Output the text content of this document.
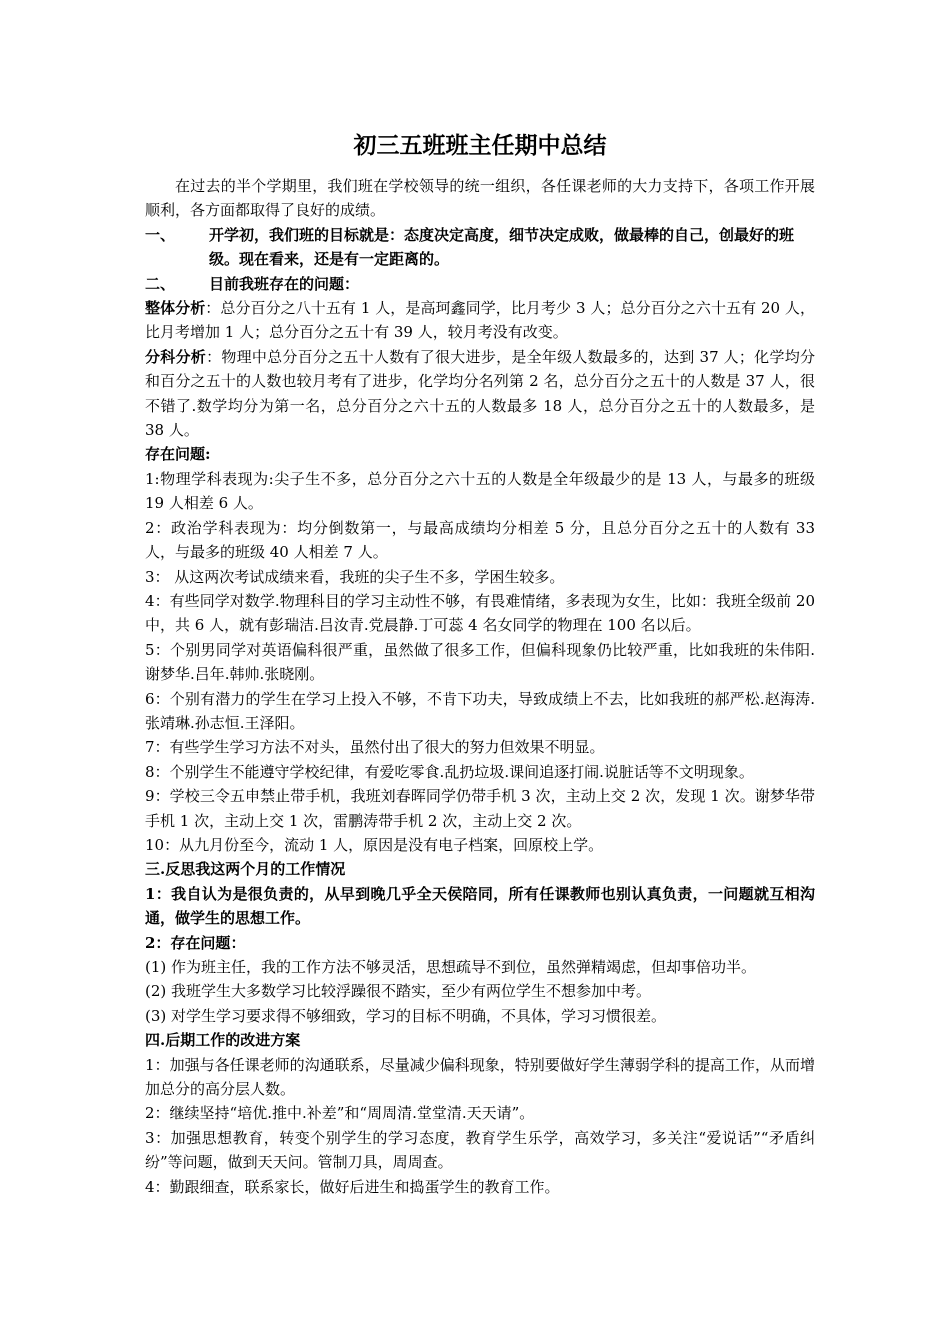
初三五班班主任期中总结

在过去的半个学期里，我们班在学校领导的统一组织，各任课老师的大力支持下，各项工作开展顺利，各方面都取得了良好的成绩。

一、	开学初，我们班的目标就是：态度决定高度，细节决定成败，做最棒的自己，创最好的班级。现在看来，还是有一定距离的。
二、	目前我班存在的问题：

整体分析：总分百分之八十五有 1 人，是高珂鑫同学，比月考少 3 人；总分百分之六十五有 20 人，比月考增加 1 人；总分百分之五十有 39 人，较月考没有改变。

分科分析：物理中总分百分之五十人数有了很大进步，是全年级人数最多的，达到 37 人；化学均分和百分之五十的人数也较月考有了进步，化学均分名列第 2 名，总分百分之五十的人数是 37 人，很不错了.数学均分为第一名，总分百分之六十五的人数最多 18 人，总分百分之五十的人数最多，是 38 人。

存在问题:

1:物理学科表现为:尖子生不多，总分百分之六十五的人数是全年级最少的是 13 人，与最多的班级 19 人相差 6 人。

2：政治学科表现为：均分倒数第一，与最高成绩均分相差 5 分，且总分百分之五十的人数有 33 人，与最多的班级 40 人相差 7 人。

3： 从这两次考试成绩来看，我班的尖子生不多，学困生较多。

4：有些同学对数学.物理科目的学习主动性不够，有畏难情绪，多表现为女生，比如：我班全级前 20 中，共 6 人，就有彭瑞洁.吕汝青.党晨静.丁可蕊 4 名女同学的物理在 100 名以后。

5：个别男同学对英语偏科很严重，虽然做了很多工作，但偏科现象仍比较严重，比如我班的朱伟阳.谢梦华.吕年.韩帅.张晓刚。

6：个别有潜力的学生在学习上投入不够，不肯下功夫，导致成绩上不去，比如我班的郝严松.赵海涛.张靖琳.孙志恒.王泽阳。

7：有些学生学习方法不对头，虽然付出了很大的努力但效果不明显。

8：个别学生不能遵守学校纪律，有爱吃零食.乱扔垃圾.课间追逐打闹.说脏话等不文明现象。

9：学校三令五申禁止带手机，我班刘春晖同学仍带手机 3 次，主动上交 2 次，发现 1 次。谢梦华带手机 1 次，主动上交 1 次，雷鹏涛带手机 2 次，主动上交 2 次。

10：从九月份至今，流动 1 人，原因是没有电子档案，回原校上学。

三.反思我这两个月的工作情况

1：我自认为是很负责的，从早到晚几乎全天侯陪同，所有任课教师也别认真负责，一问题就互相沟通，做学生的思想工作。

2：存在问题：

(1) 作为班主任，我的工作方法不够灵活，思想疏导不到位，虽然弹精竭虑，但却事倍功半。

(2) 我班学生大多数学习比较浮躁很不踏实，至少有两位学生不想参加中考。

(3) 对学生学习要求得不够细致，学习的目标不明确，不具体，学习习惯很差。

四.后期工作的改进方案

1：加强与各任课老师的沟通联系，尽量减少偏科现象，特别要做好学生薄弱学科的提高工作，从而增加总分的高分层人数。

2：继续坚持“培优.推中.补差”和“周周清.堂堂清.天天请”。

3：加强思想教育，转变个别学生的学习态度，教育学生乐学，高效学习，多关注“爱说话”“矛盾纠纷”等问题，做到天天问。管制刀具，周周查。

4：勤跟细查，联系家长，做好后进生和捣蛋学生的教育工作。
